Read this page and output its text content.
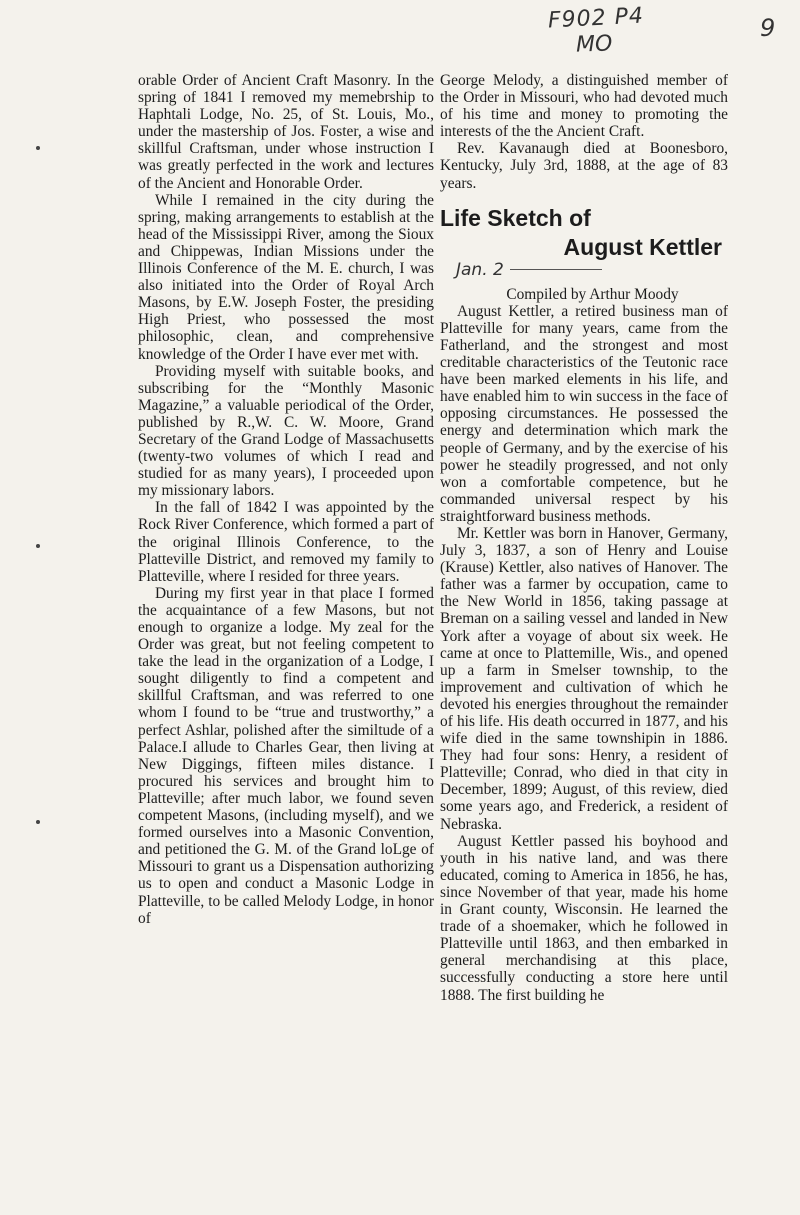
F902 P4
MO
9

orable Order of Ancient Craft Masonry. In the spring of 1841 I removed my memebrship to Haphtali Lodge, No. 25, of St. Louis, Mo., under the mastership of Jos. Foster, a wise and skillful Craftsman, under whose instruction I was greatly perfected in the work and lectures of the Ancient and Honorable Order.

While I remained in the city during the spring, making arrangements to establish at the head of the Mississippi River, among the Sioux and Chippewas, Indian Missions under the Illinois Conference of the M. E. church, I was also initiated into the Order of Royal Arch Masons, by E.W. Joseph Foster, the presiding High Priest, who possessed the most philosophic, clean, and comprehensive knowledge of the Order I have ever met with.

Providing myself with suitable books, and subscribing for the “Monthly Masonic Magazine,” a valuable periodical of the Order, published by R.,W. C. W. Moore, Grand Secretary of the Grand Lodge of Massachusetts (twenty-two volumes of which I read and studied for as many years), I proceeded upon my missionary labors.

In the fall of 1842 I was appointed by the Rock River Conference, which formed a part of the original Illinois Conference, to the Platteville District, and removed my family to Platteville, where I resided for three years.

During my first year in that place I formed the acquaintance of a few Masons, but not enough to organize a lodge. My zeal for the Order was great, but not feeling competent to take the lead in the organization of a Lodge, I sought diligently to find a competent and skillful Craftsman, and was referred to one whom I found to be “true and trustworthy,” a perfect Ashlar, polished after the similtude of a Palace.I allude to Charles Gear, then living at New Diggings, fifteen miles distance. I procured his services and brought him to Platteville; after much labor, we found seven competent Masons, (including myself), and we formed ourselves into a Masonic Convention, and petitioned the G. M. of the Grand loLge of Missouri to grant us a Dispensation authorizing us to open and conduct a Masonic Lodge in Platteville, to be called Melody Lodge, in honor of

George Melody, a distinguished member of the Order in Missouri, who had devoted much of his time and money to promoting the interests of the the Ancient Craft.

Rev. Kavanaugh died at Boonesboro, Kentucky, July 3rd, 1888, at the age of 83 years.

Life Sketch of
August Kettler
Jan. 2

Compiled by Arthur Moody

August Kettler, a retired business man of Platteville for many years, came from the Fatherland, and the strongest and most creditable characteristics of the Teutonic race have been marked elements in his life, and have enabled him to win success in the face of opposing circumstances. He possessed the energy and determination which mark the people of Germany, and by the exercise of his power he steadily progressed, and not only won a comfortable competence, but he commanded universal respect by his straightforward business methods.

Mr. Kettler was born in Hanover, Germany, July 3, 1837, a son of Henry and Louise (Krause) Kettler, also natives of Hanover. The father was a farmer by occupation, came to the New World in 1856, taking passage at Breman on a sailing vessel and landed in New York after a voyage of about six week. He came at once to Plattemille, Wis., and opened up a farm in Smelser township, to the improvement and cultivation of which he devoted his energies throughout the remainder of his life. His death occurred in 1877, and his wife died in the same townshipin in 1886. They had four sons: Henry, a resident of Platteville; Conrad, who died in that city in December, 1899; August, of this review, died some years ago, and Frederick, a resident of Nebraska.

August Kettler passed his boyhood and youth in his native land, and was there educated, coming to America in 1856, he has, since November of that year, made his home in Grant county, Wisconsin. He learned the trade of a shoemaker, which he followed in Platteville until 1863, and then embarked in general merchandising at this place, successfully conducting a store here until 1888. The first building he
